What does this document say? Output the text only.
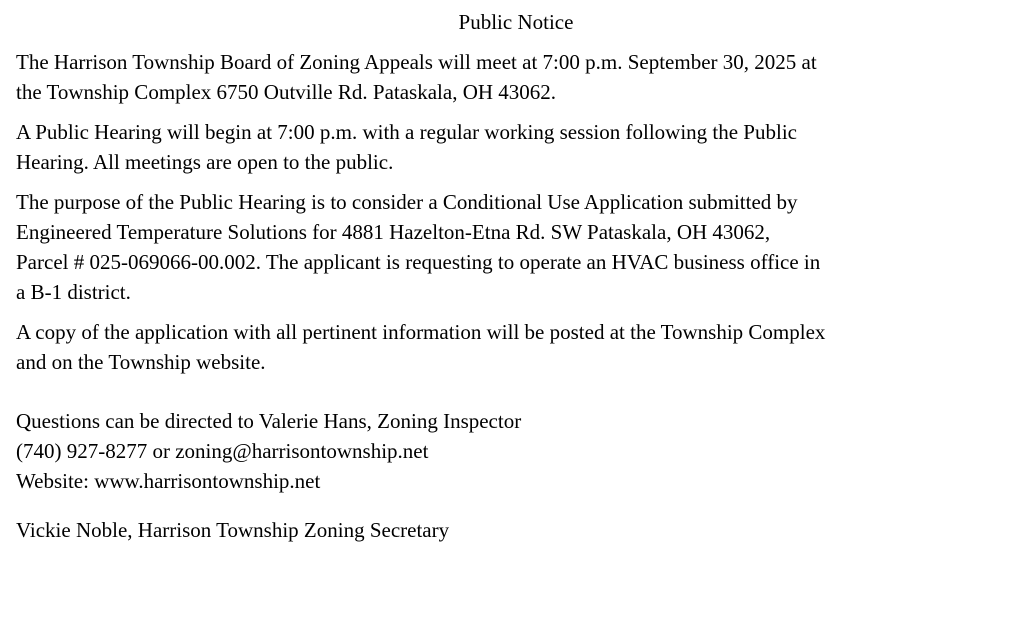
Public Notice
The Harrison Township Board of Zoning Appeals will meet at 7:00 p.m. September 30, 2025 at
the Township Complex 6750 Outville Rd. Pataskala, OH 43062.
A Public Hearing will begin at 7:00 p.m. with a regular working session following the Public
Hearing. All meetings are open to the public.
The purpose of the Public Hearing is to consider a Conditional Use Application submitted by
Engineered Temperature Solutions for 4881 Hazelton-Etna Rd. SW Pataskala, OH 43062,
Parcel # 025-069066-00.002. The applicant is requesting to operate an HVAC business office in
a B-1 district.
A copy of the application with all pertinent information will be posted at the Township Complex
and on the Township website.
Questions can be directed to Valerie Hans, Zoning Inspector
(740) 927-8277 or zoning@harrisontownship.net
Website: www.harrisontownship.net
Vickie Noble, Harrison Township Zoning Secretary
